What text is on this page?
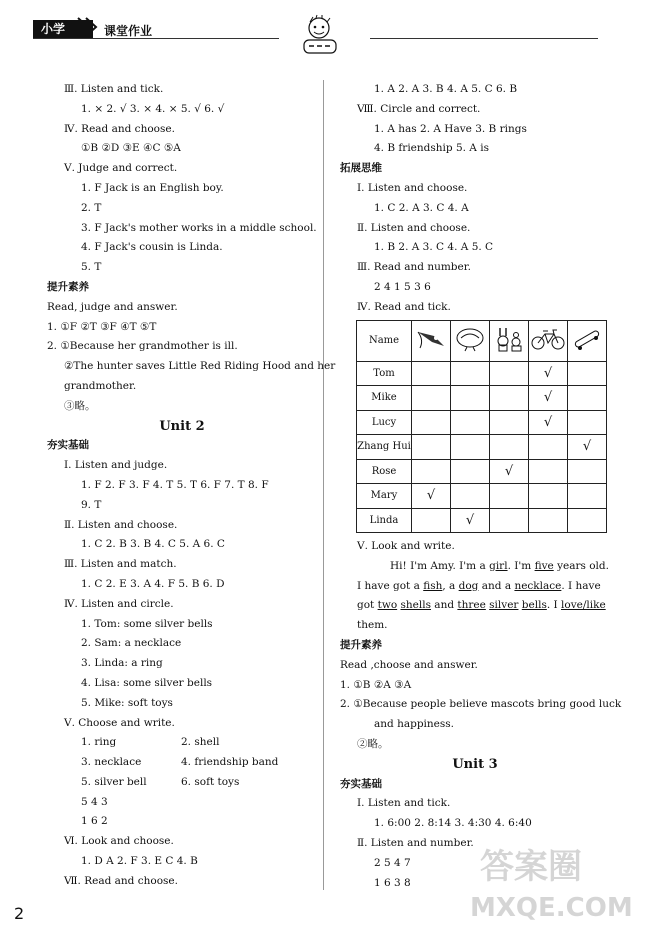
小学	课堂作业
Ⅲ. Listen and tick.
1. × 2. √ 3. × 4. × 5. √ 6. √
Ⅳ. Read and choose.
①B ②D ③E ④C ⑤A
Ⅴ. Judge and correct.
1. F Jack is an English boy.
2. T
3. F Jack's mother works in a middle school.
4. F Jack's cousin is Linda.
5. T
提升素养
Read, judge and answer.
1. ①F ②T ③F ④T ⑤T
2. ①Because her grandmother is ill.
②The hunter saves Little Red Riding Hood and her
grandmother.
③略。
Unit 2
夯实基础
Ⅰ. Listen and judge.
1. F 2. F 3. F 4. T 5. T 6. F 7. T 8. F
9. T
Ⅱ. Listen and choose.
1. C 2. B 3. B 4. C 5. A 6. C
Ⅲ. Listen and match.
1. C 2. E 3. A 4. F 5. B 6. D
Ⅳ. Listen and circle.
1. Tom: some silver bells
2. Sam: a necklace
3. Linda: a ring
4. Lisa: some silver bells
5. Mike: soft toys
Ⅴ. Choose and write.
1. ring	2. shell
3. necklace	4. friendship band
5. silver bell	6. soft toys
5 4 3
1 6 2
Ⅵ. Look and choose.
1. D A 2. F 3. E C 4. B
Ⅶ. Read and choose.
1. A 2. A 3. B 4. A 5. C 6. B
Ⅷ. Circle and correct.
1. A has 2. A Have 3. B rings
4. B friendship 5. A is
拓展思维
Ⅰ. Listen and choose.
1. C 2. A 3. C 4. A
Ⅱ. Listen and choose.
1. B 2. A 3. C 4. A 5. C
Ⅲ. Read and number.
2 4 1 5 3 6
Ⅳ. Read and tick.
Name					
Tom				√	
Mike				√	
Lucy				√	
Zhang Hui					√
Rose			√		
Mary	√				
Linda		√			
Ⅴ. Look and write.
Hi! I'm Amy. I'm a girl. I'm five years old.
I have got a fish, a dog and a necklace. I have
got two shells and three silver bells. I love/like
them.
提升素养
Read ,choose and answer.
1. ①B ②A ③A
2. ①Because people believe mascots bring good luck
and happiness.
②略。
Unit 3
夯实基础
Ⅰ. Listen and tick.
1. 6:00 2. 8:14 3. 4:30 4. 6:40
Ⅱ. Listen and number.
2 5 4 7
1 6 3 8
2
答案圈
MXQE.COM
